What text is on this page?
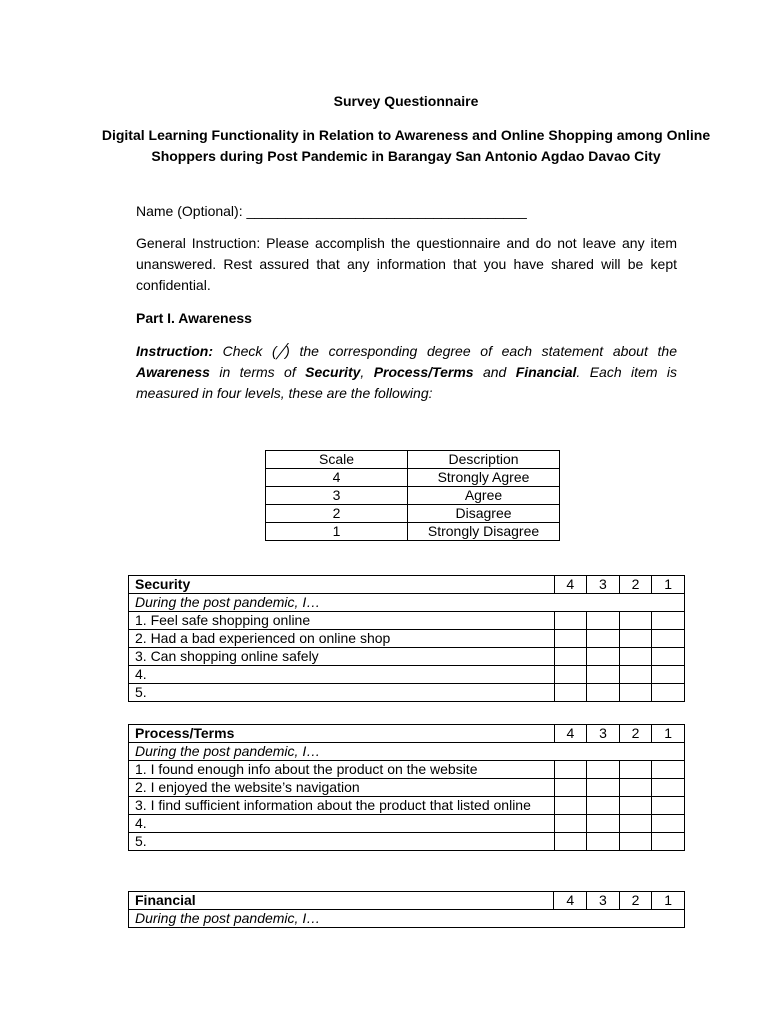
Survey Questionnaire
Digital Learning Functionality in Relation to Awareness and Online Shopping among Online Shoppers during Post Pandemic in Barangay San Antonio Agdao Davao City
Name (Optional): ____________________________________
General Instruction: Please accomplish the questionnaire and do not leave any item unanswered. Rest assured that any information that you have shared will be kept confidential.
Part I. Awareness
Instruction: Check (╱) the corresponding degree of each statement about the Awareness in terms of Security, Process/Terms and Financial. Each item is measured in four levels, these are the following:
Scale	Description
4	Strongly Agree
3	Agree
2	Disagree
1	Strongly Disagree
Security	4	3	2	1
During the post pandemic, I…				
1. Feel safe shopping online				
2. Had a bad experienced on online shop				
3. Can shopping online safely				
4.				
5.				
Process/Terms	4	3	2	1
During the post pandemic, I…				
1. I found enough info about the product on the website				
2. I enjoyed the website’s navigation				
3. I find sufficient information about the product that listed online				
4.				
5.				
Financial	4	3	2	1
During the post pandemic, I…
